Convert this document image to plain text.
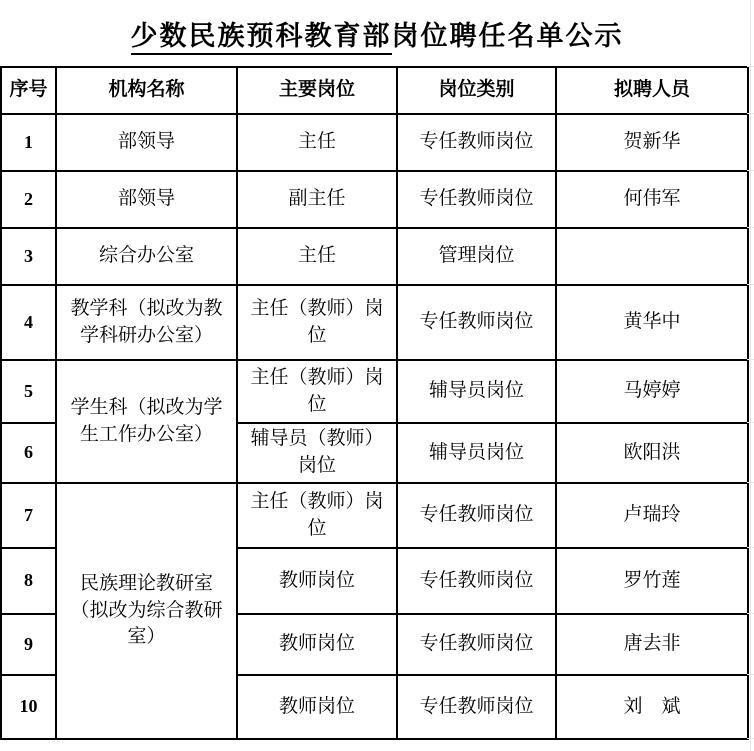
少数民族预科教育部岗位聘任名单公示
序号	机构名称	主要岗位	岗位类别	拟聘人员
1	部领导	主任	专任教师岗位	贺新华
2	部领导	副主任	专任教师岗位	何伟军
3	综合办公室	主任	管理岗位	
4	教学科（拟改为教学科研办公室）	主任（教师）岗位	专任教师岗位	黄华中
5	学生科（拟改为学生工作办公室）	主任（教师）岗位	辅导员岗位	马婷婷
6		辅导员（教师）岗位	辅导员岗位	欧阳洪
7	民族理论教研室（拟改为综合教研室）	主任（教师）岗位	专任教师岗位	卢瑞玲
8		教师岗位	专任教师岗位	罗竹莲
9		教师岗位	专任教师岗位	唐去非
10		教师岗位	专任教师岗位	刘　斌
